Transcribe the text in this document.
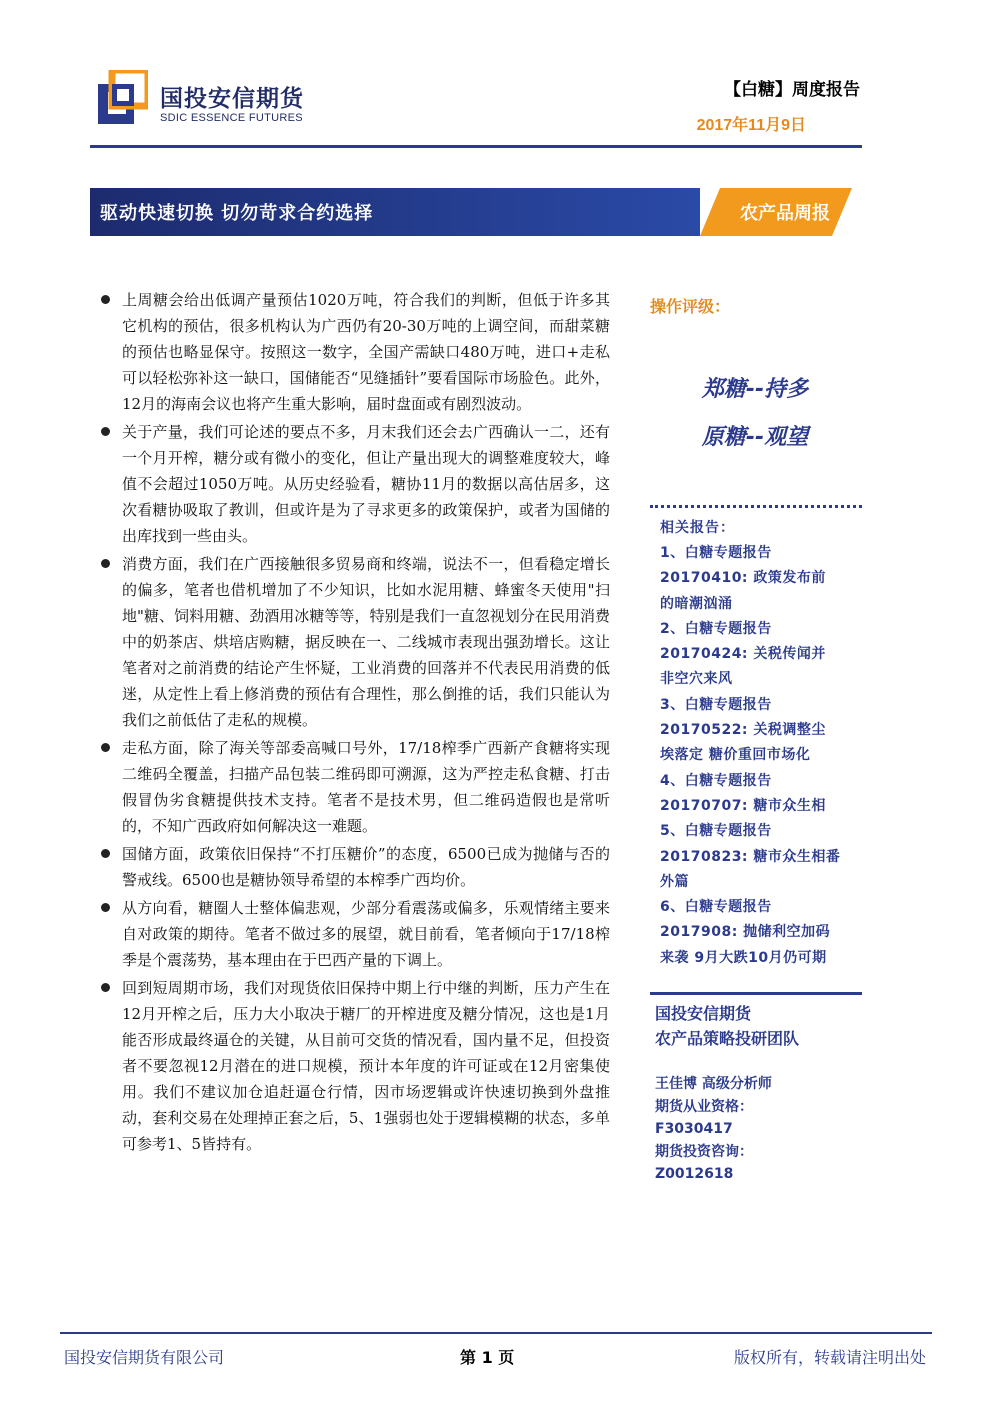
国投安信期货
SDIC ESSENCE FUTURES
【白糖】周度报告
2017年11月9日
驱动快速切换 切勿苛求合约选择	农产品周报
上周糖会给出低调产量预估1020万吨，符合我们的判断，但低于许多其它机构的预估，很多机构认为广西仍有20-30万吨的上调空间，而甜菜糖的预估也略显保守。按照这一数字，全国产需缺口480万吨，进口+走私可以轻松弥补这一缺口，国储能否“见缝插针”要看国际市场脸色。此外，12月的海南会议也将产生重大影响，届时盘面或有剧烈波动。
关于产量，我们可论述的要点不多，月末我们还会去广西确认一二，还有一个月开榨，糖分或有微小的变化，但让产量出现大的调整难度较大，峰值不会超过1050万吨。从历史经验看，糖协11月的数据以高估居多，这次看糖协吸取了教训，但或许是为了寻求更多的政策保护，或者为国储的出库找到一些由头。
消费方面，我们在广西接触很多贸易商和终端，说法不一，但看稳定增长的偏多，笔者也借机增加了不少知识，比如水泥用糖、蜂蜜冬天使用"扫地"糖、饲料用糖、劲酒用冰糖等等，特别是我们一直忽视划分在民用消费中的奶茶店、烘培店购糖，据反映在一、二线城市表现出强劲增长。这让笔者对之前消费的结论产生怀疑，工业消费的回落并不代表民用消费的低迷，从定性上看上修消费的预估有合理性，那么倒推的话，我们只能认为我们之前低估了走私的规模。
走私方面，除了海关等部委高喊口号外，17/18榨季广西新产食糖将实现二维码全覆盖，扫描产品包装二维码即可溯源，这为严控走私食糖、打击假冒伪劣食糖提供技术支持。笔者不是技术男，但二维码造假也是常听的，不知广西政府如何解决这一难题。
国储方面，政策依旧保持“不打压糖价”的态度，6500已成为抛储与否的警戒线。6500也是糖协领导希望的本榨季广西均价。
从方向看，糖圈人士整体偏悲观，少部分看震荡或偏多，乐观情绪主要来自对政策的期待。笔者不做过多的展望，就目前看，笔者倾向于17/18榨季是个震荡势，基本理由在于巴西产量的下调上。
回到短周期市场，我们对现货依旧保持中期上行中继的判断，压力产生在12月开榨之后，压力大小取决于糖厂的开榨进度及糖分情况，这也是1月能否形成最终逼仓的关键，从目前可交货的情况看，国内量不足，但投资者不要忽视12月潜在的进口规模，预计本年度的许可证或在12月密集使用。我们不建议加仓追赶逼仓行情，因市场逻辑或许快速切换到外盘推动，套利交易在处理掉正套之后，5、1强弱也处于逻辑模糊的状态，多单可参考1、5皆持有。
操作评级：
郑糖--持多
原糖--观望
相关报告：
1、白糖专题报告
20170410: 政策发布前
的暗潮汹涌
2、白糖专题报告
20170424: 关税传闻并
非空穴来风
3、白糖专题报告
20170522: 关税调整尘
埃落定 糖价重回市场化
4、白糖专题报告
20170707: 糖市众生相
5、白糖专题报告
20170823: 糖市众生相番
外篇
6、白糖专题报告
2017908: 抛储利空加码
来袭 9月大跌10月仍可期
国投安信期货
农产品策略投研团队
王佳博 高级分析师
期货从业资格：
F3030417
期货投资咨询：
Z0012618
国投安信期货有限公司	第 1 页	版权所有，转载请注明出处
